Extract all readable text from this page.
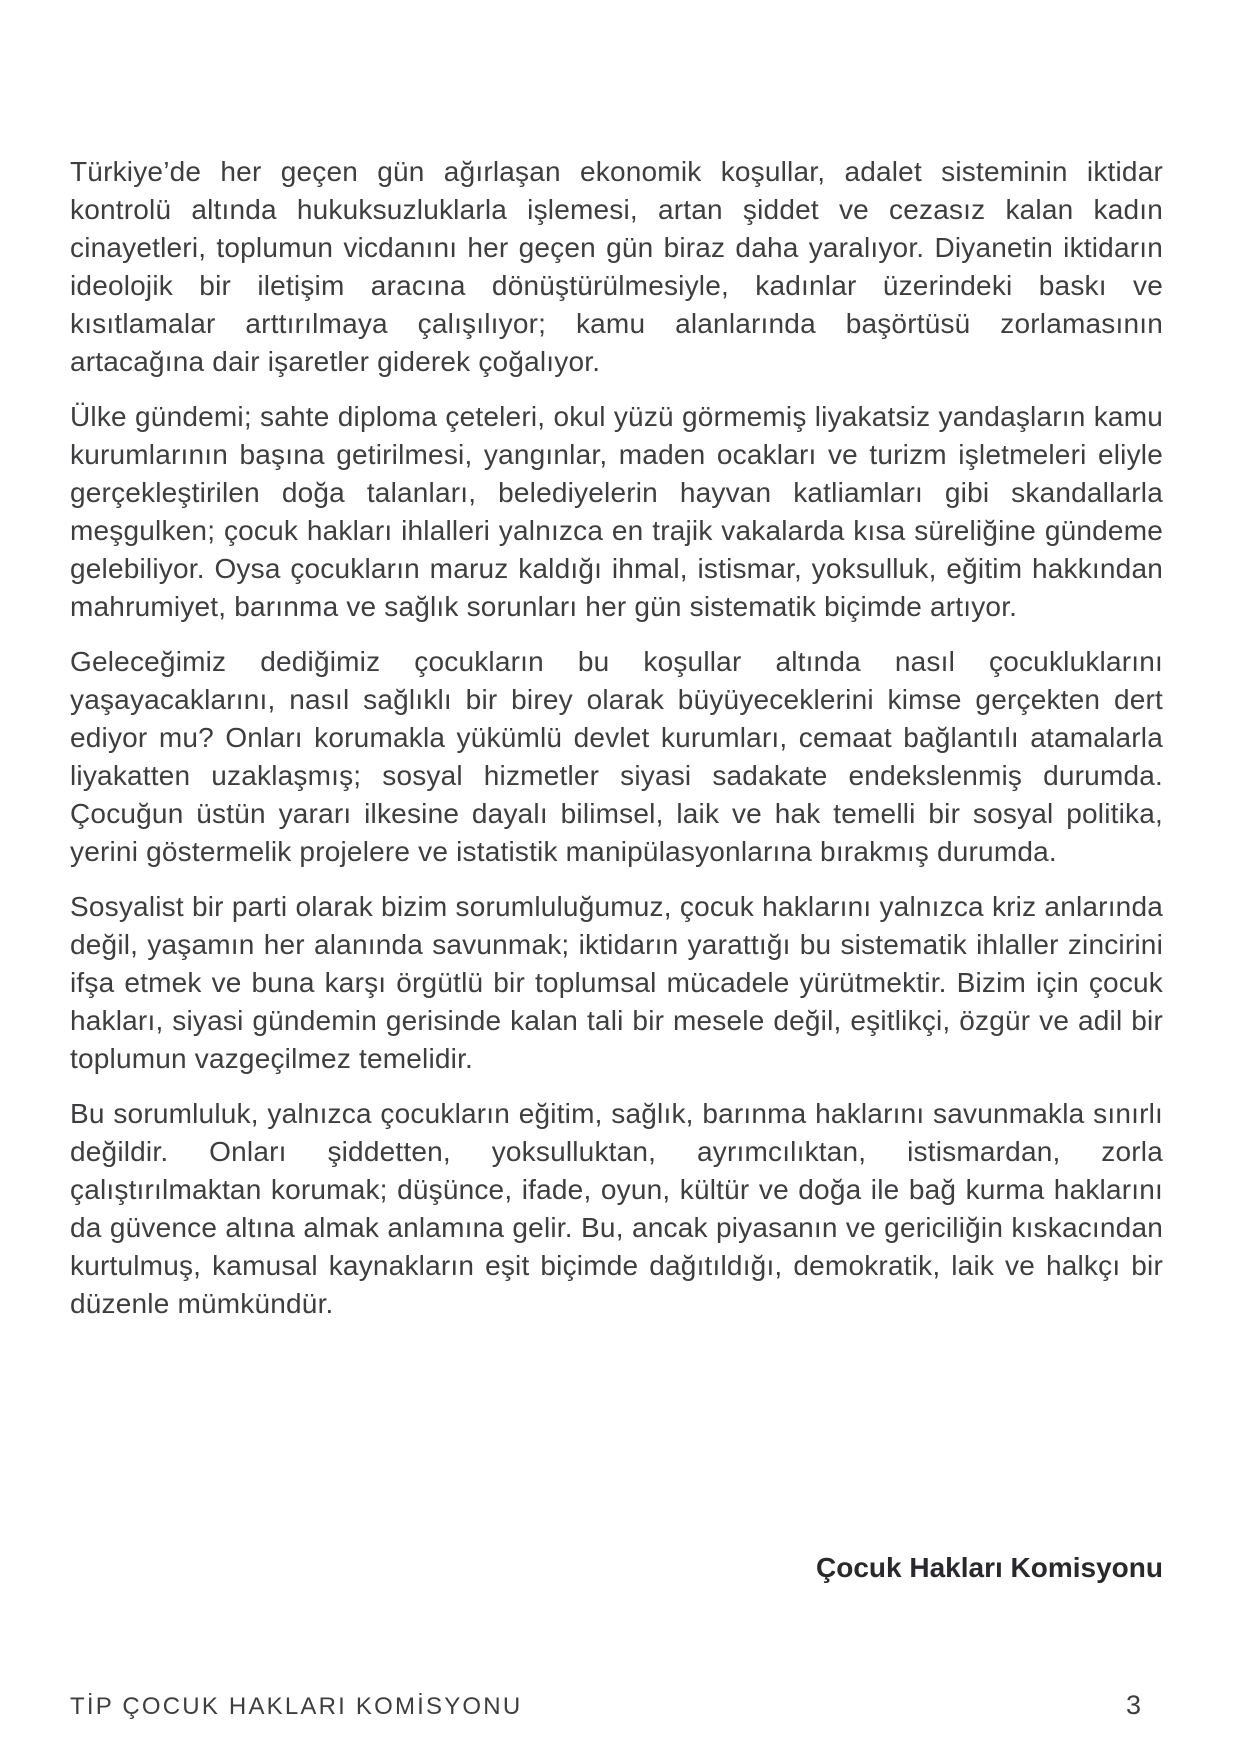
Türkiye’de her geçen gün ağırlaşan ekonomik koşullar, adalet sisteminin iktidar kontrolü altında hukuksuzluklarla işlemesi, artan şiddet ve cezasız kalan kadın cinayetleri, toplumun vicdanını her geçen gün biraz daha yaralıyor. Diyanetin iktidarın ideolojik bir iletişim aracına dönüştürülmesiyle, kadınlar üzerindeki baskı ve kısıtlamalar arttırılmaya çalışılıyor; kamu alanlarında başörtüsü zorlamasının artacağına dair işaretler giderek çoğalıyor.

Ülke gündemi; sahte diploma çeteleri, okul yüzü görmemiş liyakatsiz yandaşların kamu kurumlarının başına getirilmesi, yangınlar, maden ocakları ve turizm işletmeleri eliyle gerçekleştirilen doğa talanları, belediyelerin hayvan katliamları gibi skandallarla meşgulken; çocuk hakları ihlalleri yalnızca en trajik vakalarda kısa süreliğine gündeme gelebiliyor. Oysa çocukların maruz kaldığı ihmal, istismar, yoksulluk, eğitim hakkından mahrumiyet, barınma ve sağlık sorunları her gün sistematik biçimde artıyor.

Geleceğimiz dediğimiz çocukların bu koşullar altında nasıl çocukluklarını yaşayacaklarını, nasıl sağlıklı bir birey olarak büyüyeceklerini kimse gerçekten dert ediyor mu? Onları korumakla yükümlü devlet kurumları, cemaat bağlantılı atamalarla liyakatten uzaklaşmış; sosyal hizmetler siyasi sadakate endekslenmiş durumda. Çocuğun üstün yararı ilkesine dayalı bilimsel, laik ve hak temelli bir sosyal politika, yerini göstermelik projelere ve istatistik manipülasyonlarına bırakmış durumda.

Sosyalist bir parti olarak bizim sorumluluğumuz, çocuk haklarını yalnızca kriz anlarında değil, yaşamın her alanında savunmak; iktidarın yarattığı bu sistematik ihlaller zincirini ifşa etmek ve buna karşı örgütlü bir toplumsal mücadele yürütmektir. Bizim için çocuk hakları, siyasi gündemin gerisinde kalan tali bir mesele değil, eşitlikçi, özgür ve adil bir toplumun vazgeçilmez temelidir.

Bu sorumluluk, yalnızca çocukların eğitim, sağlık, barınma haklarını savunmakla sınırlı değildir. Onları şiddetten, yoksulluktan, ayrımcılıktan, istismardan, zorla çalıştırılmaktan korumak; düşünce, ifade, oyun, kültür ve doğa ile bağ kurma haklarını da güvence altına almak anlamına gelir. Bu, ancak piyasanın ve gericiliğin kıskacından kurtulmuş, kamusal kaynakların eşit biçimde dağıtıldığı, demokratik, laik ve halkçı bir düzenle mümkündür.

Çocuk Hakları Komisyonu
TİP ÇOCUK HAKLARI KOMİSYONU	3
